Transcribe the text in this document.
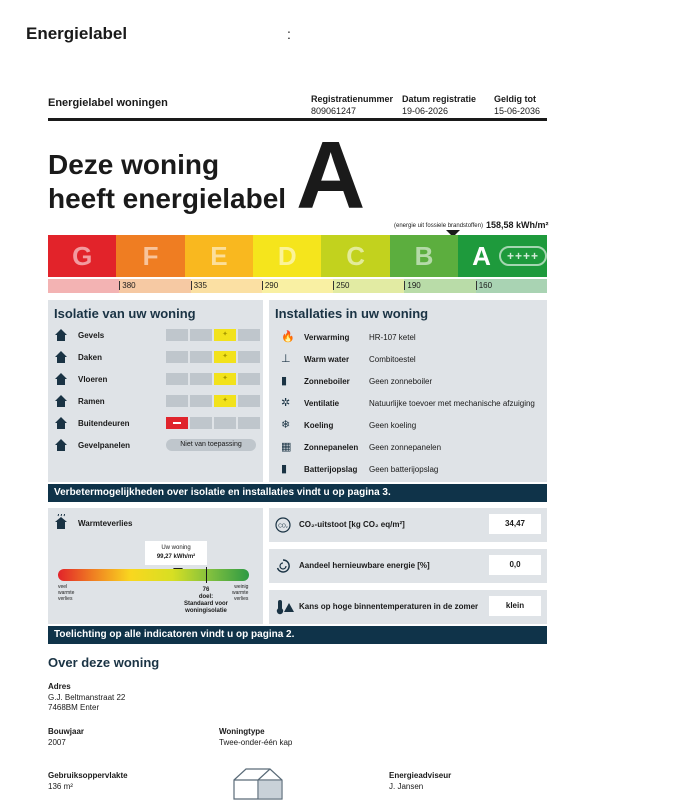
Energielabel	:
Energielabel woningen	Registratienummer
809061247
Datum registratie
19-06-2026
Geldig tot
15-06-2036
Deze woning
heeft energielabel A	(energie uit fossiele brandstoffen) 158,58 kWh/m²
G F E D C B A	++++
380	335	290	250	190	160
Isolatie van uw woning
Gevels	✦
Daken	✦
Vloeren	✦
Ramen	✦
Buitendeuren
Gevelpanelen	Niet van toepassing
Installaties in uw woning
🔥 Verwarming HR-107 ketel
⊥ Warm water Combitoestel
▮ Zonneboiler Geen zonneboiler
✲ Ventilatie	Natuurlijke toevoer met mechanische afzuiging
❄ Koeling	Geen koeling
▦ Zonnepanelen Geen zonnepanelen
▮ Batterijopslag Geen batterijopslag
Verbetermogelijkheden over isolatie en installaties vindt u op pagina 3.
Warmteverlies
Uw woning
99,27 kWh/m²
veel
warmte
verlies
76
doel:
Standaard voor
woningisolatie
weinig
warmte
verlies
CO₂ CO₂-uitstoot [kg CO₂ eq/m²]	34,47
Aandeel hernieuwbare energie [%]	0,0
Kans op hoge binnentemperaturen in de zomer	klein
Toelichting op alle indicatoren vindt u op pagina 2.
Over deze woning
Adres
G.J. Beltmanstraat 22
7468BM Enter
Bouwjaar
2007
Woningtype
Twee-onder-één kap
Gebruiksoppervlakte
136 m²
Energieadviseur
J. Jansen
